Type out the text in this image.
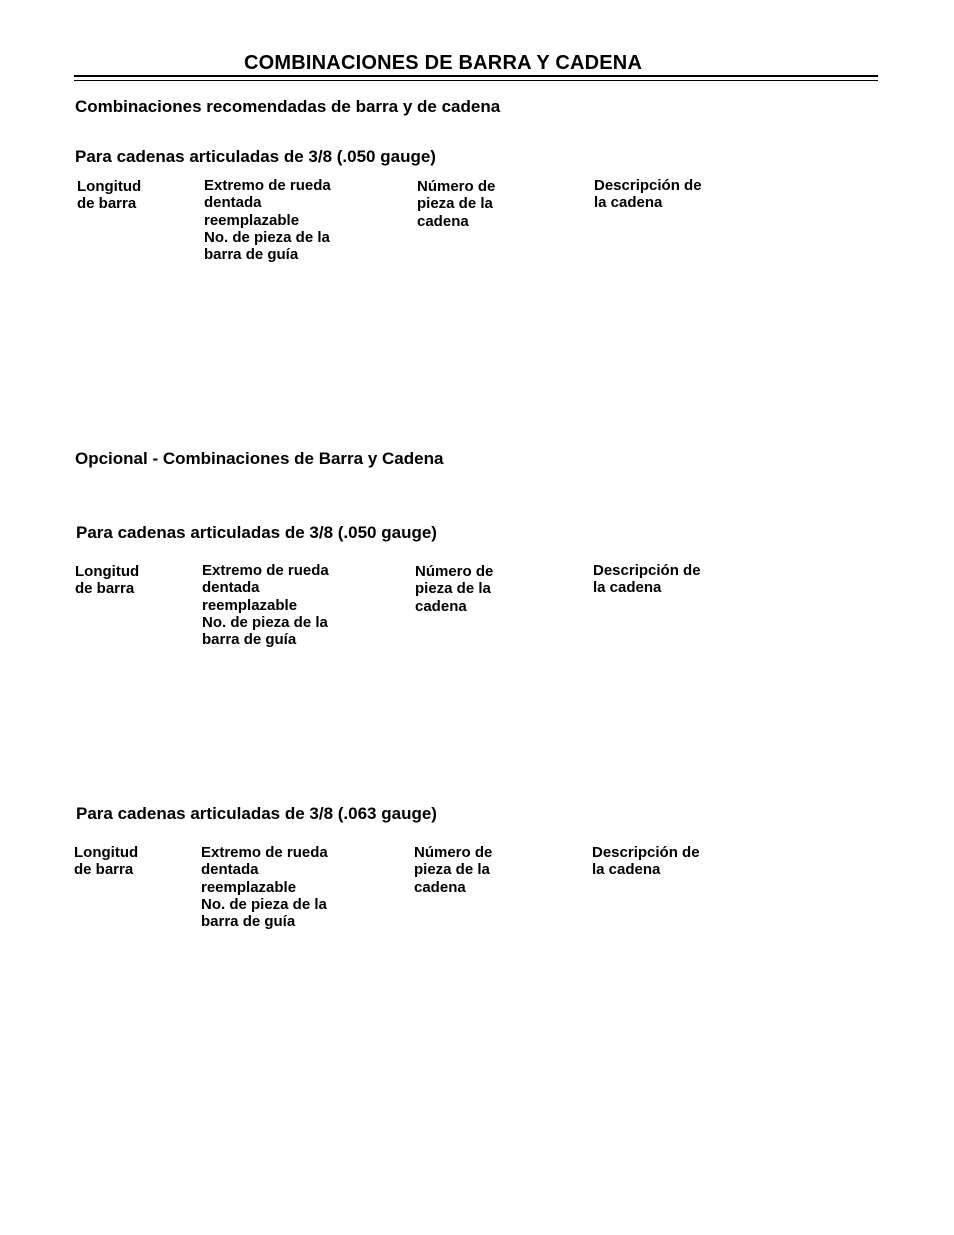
COMBINACIONES DE BARRA Y CADENA
Combinaciones recomendadas de barra y de cadena
Para cadenas articuladas de 3/8 (.050 gauge)
Longitud
de barra
Extremo de rueda
dentada
reemplazable
No. de pieza de la
barra de guía
Número de
pieza de la
cadena
Descripción de
la cadena
Opcional - Combinaciones de Barra y Cadena
Para cadenas articuladas de 3/8 (.050 gauge)
Longitud
de barra
Extremo de rueda
dentada
reemplazable
No. de pieza de la
barra de guía
Número de
pieza de la
cadena
Descripción de
la cadena
Para cadenas articuladas de 3/8 (.063 gauge)
Longitud
de barra
Extremo de rueda
dentada
reemplazable
No. de pieza de la
barra de guía
Número de
pieza de la
cadena
Descripción de
la cadena
